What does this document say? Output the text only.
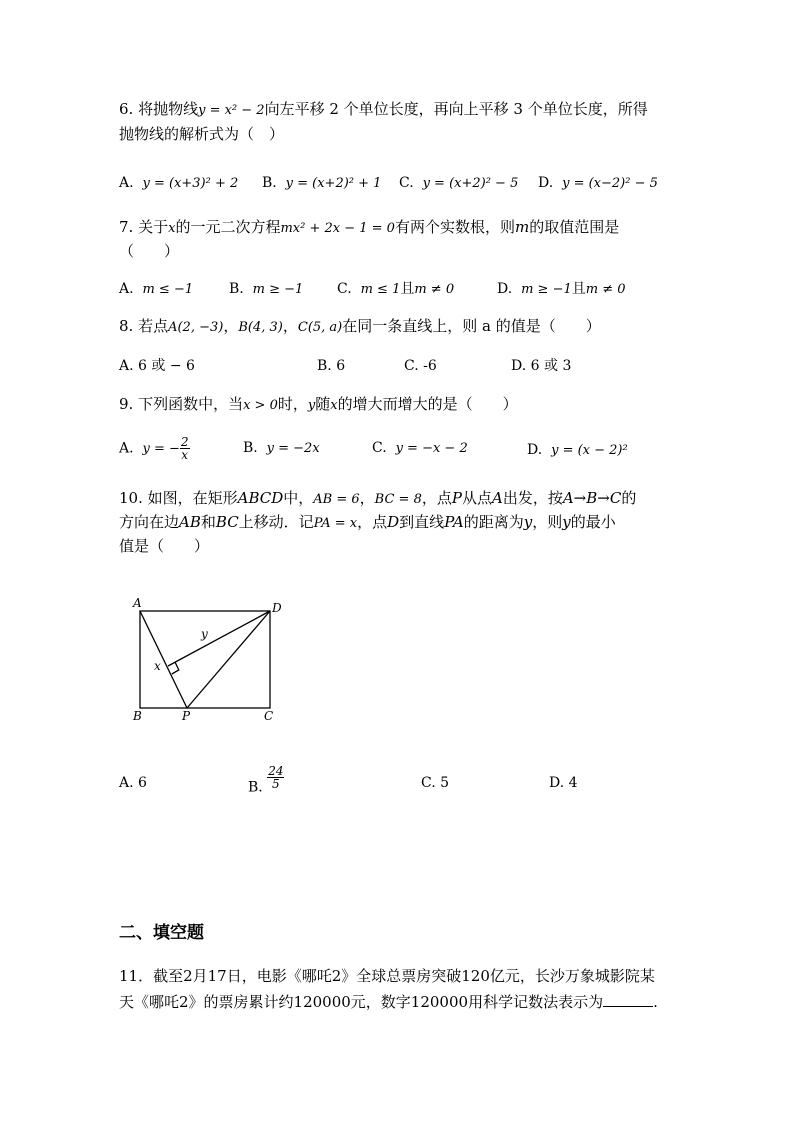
6. 将抛物线y = x² − 2向左平移 2 个单位长度，再向上平移 3 个单位长度，所得
抛物线的解析式为（　）
A. y = (x+3)² + 2 B. y = (x+2)² + 1 C. y = (x+2)² − 5 D. y = (x−2)² − 5
7. 关于x的一元二次方程mx² + 2x − 1 = 0有两个实数根，则m的取值范围是
（　　）
A. m ≤ −1	B. m ≥ −1 C. m ≤ 1且m ≠ 0	D. m ≥ −1且m ≠ 0
8. 若点A(2, −3)，B(4, 3)，C(5, a)在同一条直线上，则 a 的值是（　　）
A. 6 或 − 6	B. 6	C. -6	D. 6 或 3
9. 下列函数中，当x > 0时，y随x的增大而增大的是（　　）
A. y = − $\frac{2}{x}$	B. y = −2x	C. y = −x − 2	D. y = (x − 2)²
10. 如图，在矩形ABCD中，AB = 6，BC = 8，点P从点A出发，按A→B→C的
方向在边AB和BC上移动．记PA = x，点D到直线PA的距离为y，则y的最小
值是（　　）
A
B	C
D
P
x
y
A. 6	B. $\frac{24}{5}$	C. 5	D. 4
二、填空题
11．截至2月17日，电影《哪吒2》全球总票房突破120亿元，长沙万象城影院某
天《哪吒2》的票房累计约120000元，数字120000用科学记数法表示为	.
